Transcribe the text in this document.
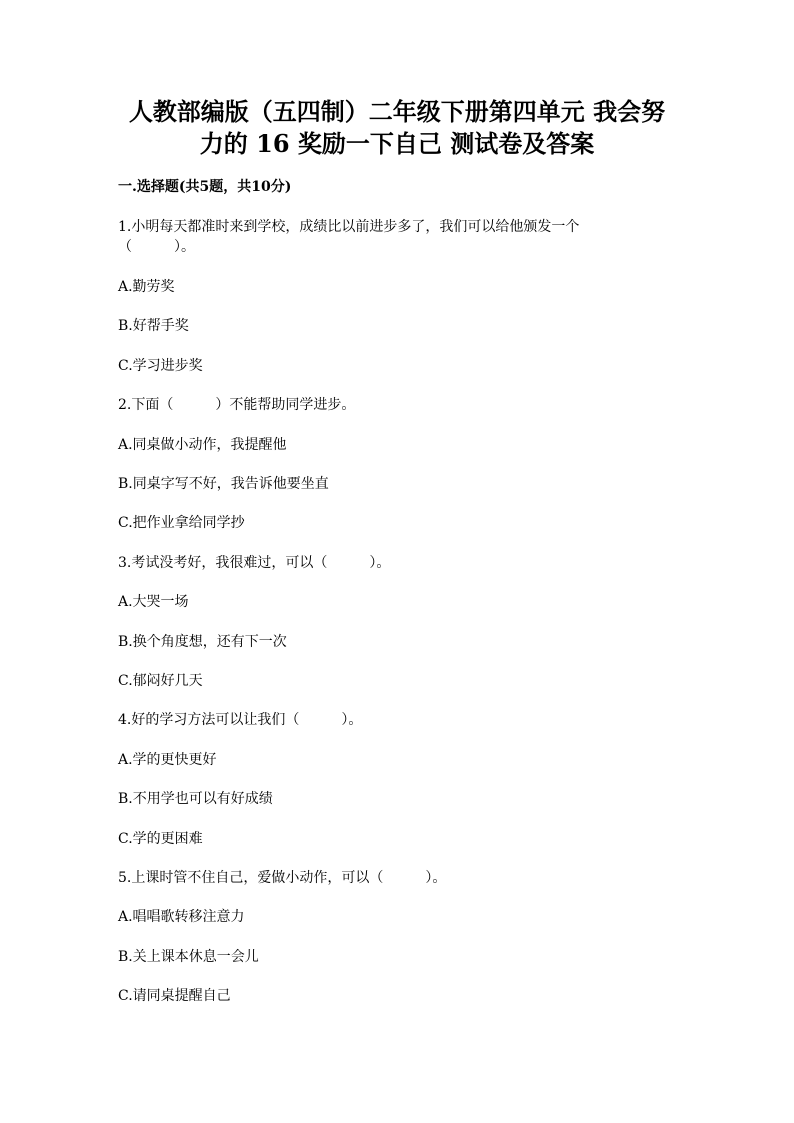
人教部编版（五四制）二年级下册第四单元 我会努
力的 16 奖励一下自己 测试卷及答案
一.选择题(共5题，共10分)
1.小明每天都准时来到学校，成绩比以前进步多了，我们可以给他颁发一个
（　　　）。
A.勤劳奖
B.好帮手奖
C.学习进步奖
2.下面（　　　）不能帮助同学进步。
A.同桌做小动作，我提醒他
B.同桌字写不好，我告诉他要坐直
C.把作业拿给同学抄
3.考试没考好，我很难过，可以（　　　）。
A.大哭一场
B.换个角度想，还有下一次
C.郁闷好几天
4.好的学习方法可以让我们（　　　）。
A.学的更快更好
B.不用学也可以有好成绩
C.学的更困难
5.上课时管不住自己，爱做小动作，可以（　　　）。
A.唱唱歌转移注意力
B.关上课本休息一会儿
C.请同桌提醒自己
